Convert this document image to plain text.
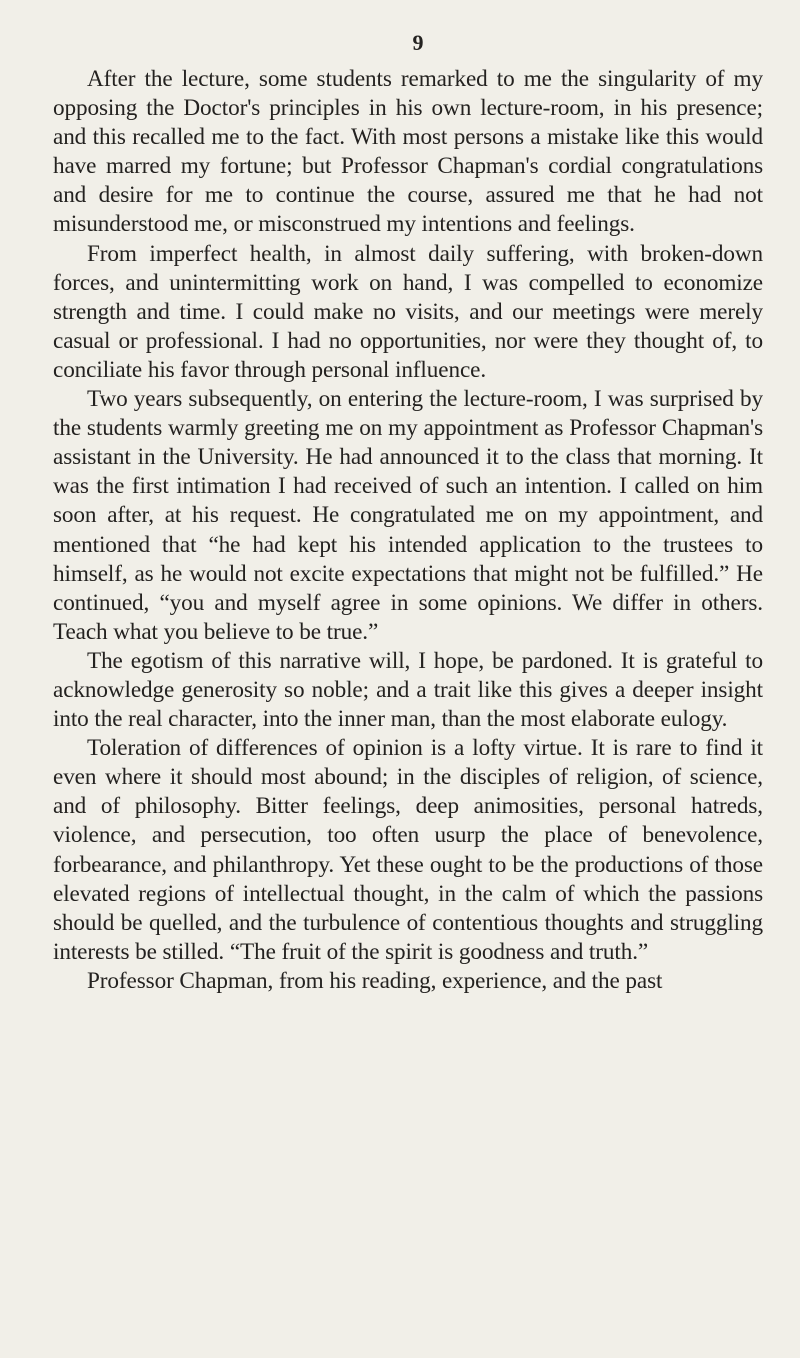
9

After the lecture, some students remarked to me the singularity of my opposing the Doctor's principles in his own lecture-room, in his presence; and this recalled me to the fact. With most persons a mistake like this would have marred my fortune; but Professor Chapman's cordial congratulations and desire for me to continue the course, assured me that he had not misunderstood me, or misconstrued my intentions and feelings.

From imperfect health, in almost daily suffering, with broken-down forces, and unintermitting work on hand, I was compelled to economize strength and time. I could make no visits, and our meetings were merely casual or professional. I had no opportunities, nor were they thought of, to conciliate his favor through personal influence.

Two years subsequently, on entering the lecture-room, I was surprised by the students warmly greeting me on my appointment as Professor Chapman's assistant in the University. He had announced it to the class that morning. It was the first intimation I had received of such an intention. I called on him soon after, at his request. He congratulated me on my appointment, and mentioned that “he had kept his intended application to the trustees to himself, as he would not excite expectations that might not be fulfilled.” He continued, “you and myself agree in some opinions. We differ in others. Teach what you believe to be true.”

The egotism of this narrative will, I hope, be pardoned. It is grateful to acknowledge generosity so noble; and a trait like this gives a deeper insight into the real character, into the inner man, than the most elaborate eulogy.

Toleration of differences of opinion is a lofty virtue. It is rare to find it even where it should most abound; in the disciples of religion, of science, and of philosophy. Bitter feelings, deep animosities, personal hatreds, violence, and persecution, too often usurp the place of benevolence, forbearance, and philanthropy. Yet these ought to be the productions of those elevated regions of intellectual thought, in the calm of which the passions should be quelled, and the turbulence of contentious thoughts and struggling interests be stilled. “The fruit of the spirit is goodness and truth.”

Professor Chapman, from his reading, experience, and the past
